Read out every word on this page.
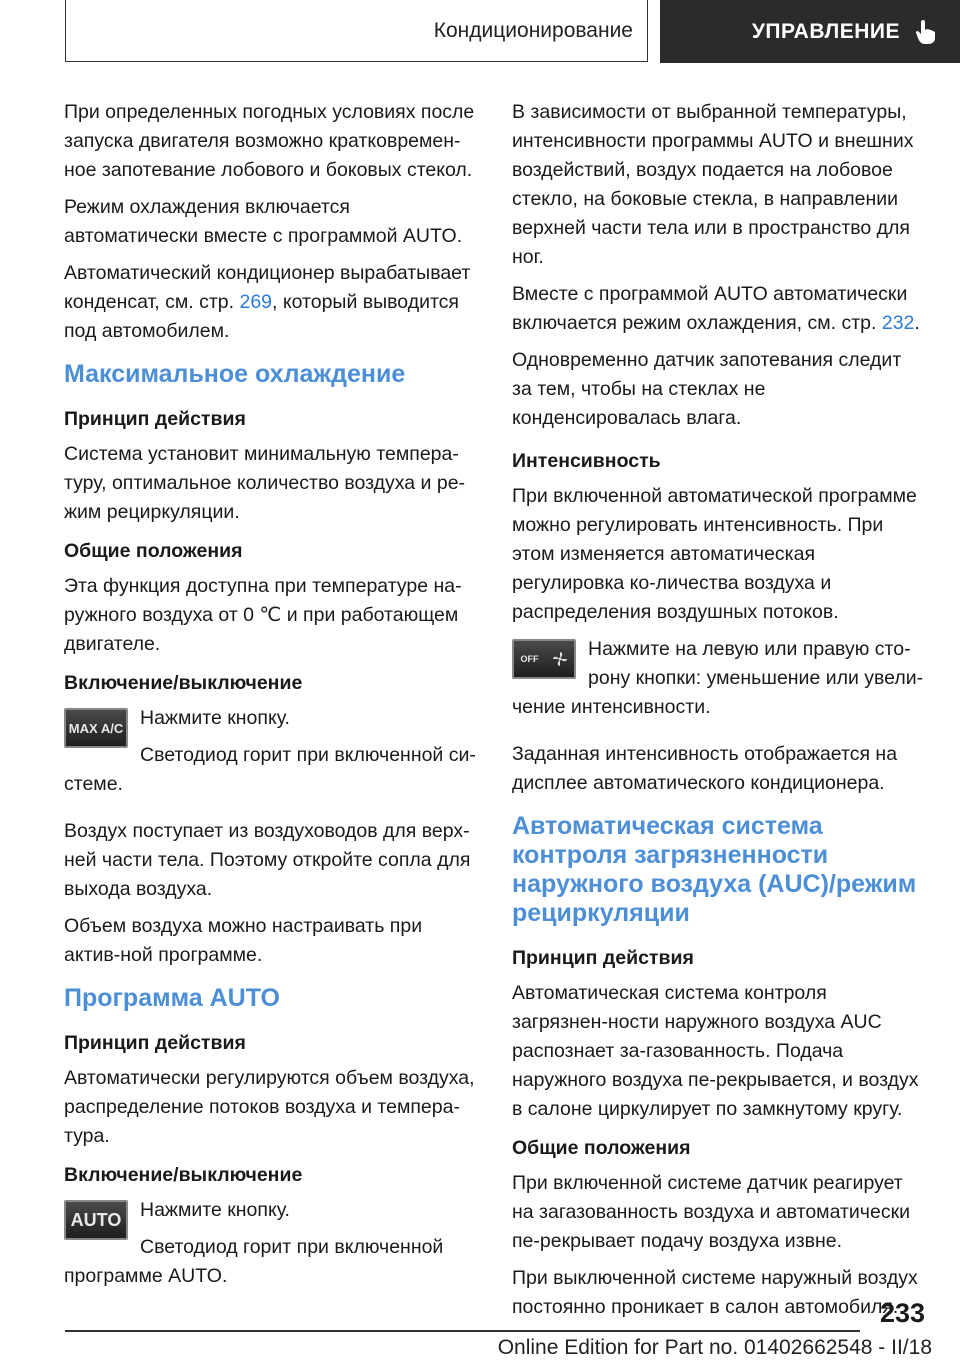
Кондиционирование	УПРАВЛЕНИЕ

При определенных погодных условиях после запуска двигателя возможно кратковремен-ное запотевание лобового и боковых стекол.

Режим охлаждения включается автоматически вместе с программой AUTO.

Автоматический кондиционер вырабатывает конденсат, см. стр. 269, который выводится под автомобилем.

Максимальное охлаждение
Принцип действия

Система установит минимальную темпера-туру, оптимальное количество воздуха и ре-жим рециркуляции.

Общие положения

Эта функция доступна при температуре на-ружного воздуха от 0 ℃ и при работающем двигателе.

Включение/выключение
MAX A/C Нажмите кнопку.

Светодиод горит при включенной си-стеме.

Воздух поступает из воздуховодов для верх-ней части тела. Поэтому откройте сопла для выхода воздуха.

Объем воздуха можно настраивать при актив-ной программе.

Программа AUTO
Принцип действия

Автоматически регулируются объем воздуха, распределение потоков воздуха и темпера-тура.

Включение/выключение
AUTO Нажмите кнопку.

Светодиод горит при включенной программе AUTO.

В зависимости от выбранной температуры, интенсивности программы AUTO и внешних воздействий, воздух подается на лобовое стекло, на боковые стекла, в направлении верхней части тела или в пространство для ног.

Вместе с программой AUTO автоматически включается режим охлаждения, см. стр. 232.

Одновременно датчик запотевания следит за тем, чтобы на стеклах не конденсировалась влага.

Интенсивность

При включенной автоматической программе можно регулировать интенсивность. При этом изменяется автоматическая регулировка ко-личества воздуха и распределения воздушных потоков.

OFF	Нажмите на левую или правую сто-рону кнопки: уменьшение или увели-чение интенсивности.

Заданная интенсивность отображается на дисплее автоматического кондиционера.

Автоматическая система контроля загрязненности наружного воздуха (AUC)/режим рециркуляции
Принцип действия

Автоматическая система контроля загрязнен-ности наружного воздуха AUC распознает за-газованность. Подача наружного воздуха пе-рекрывается, и воздух в салоне циркулирует по замкнутому кругу.

Общие положения

При включенной системе датчик реагирует на загазованность воздуха и автоматически пе-рекрывает подачу воздуха извне.

При выключенной системе наружный воздух постоянно проникает в салон автомобиля.

233
Online Edition for Part no. 01402662548 - II/18
